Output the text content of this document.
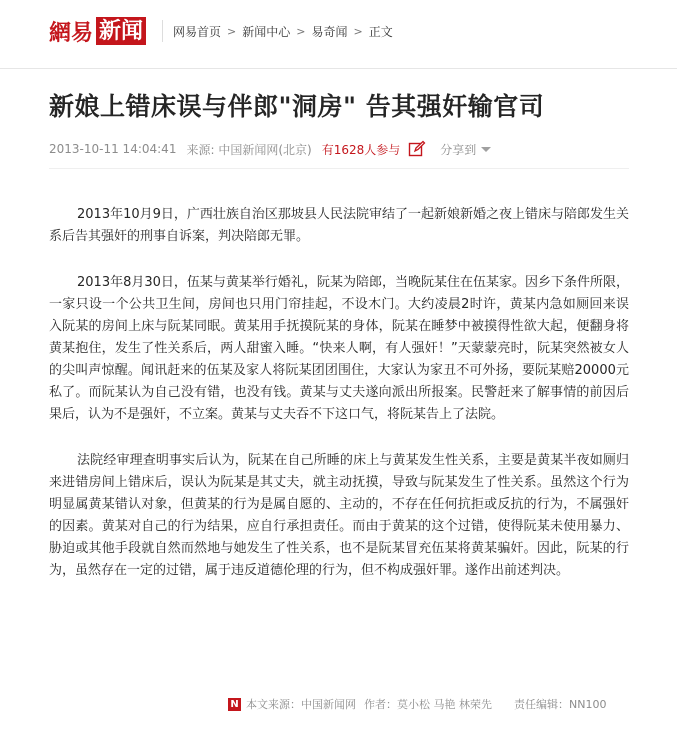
網易 新闻 网易首页 > 新闻中心 > 易奇闻 > 正文
新娘上错床误与伴郎"洞房" 告其强奸输官司
2013-10-11 14:04:41 来源: 中国新闻网(北京) 有1628人参与	分享到

2013年10月9日，广西壮族自治区那坡县人民法院审结了一起新娘新婚之夜上错床与陪郎发生关系后告其强奸的刑事自诉案，判决陪郎无罪。

2013年8月30日，伍某与黄某举行婚礼，阮某为陪郎，当晚阮某住在伍某家。因乡下条件所限，一家只设一个公共卫生间，房间也只用门帘挂起，不设木门。大约凌晨2时许，黄某内急如厕回来误入阮某的房间上床与阮某同眠。黄某用手抚摸阮某的身体，阮某在睡梦中被摸得性欲大起，便翻身将黄某抱住，发生了性关系后，两人甜蜜入睡。“快来人啊，有人强奸！”天蒙蒙亮时，阮某突然被女人的尖叫声惊醒。闻讯赶来的伍某及家人将阮某团团围住，大家认为家丑不可外扬，要阮某赔20000元私了。而阮某认为自己没有错，也没有钱。黄某与丈夫遂向派出所报案。民警赶来了解事情的前因后果后，认为不是强奸，不立案。黄某与丈夫吞不下这口气，将阮某告上了法院。

法院经审理查明事实后认为，阮某在自己所睡的床上与黄某发生性关系，主要是黄某半夜如厕归来进错房间上错床后，误认为阮某是其丈夫，就主动抚摸，导致与阮某发生了性关系。虽然这个行为明显属黄某错认对象，但黄某的行为是属自愿的、主动的，不存在任何抗拒或反抗的行为，不属强奸的因素。黄某对自己的行为结果，应自行承担责任。而由于黄某的这个过错，使得阮某未使用暴力、胁迫或其他手段就自然而然地与她发生了性关系，也不是阮某冒充伍某将黄某骗奸。因此，阮某的行为，虽然存在一定的过错，属于违反道德伦理的行为，但不构成强奸罪。遂作出前述判决。

N 本文来源： 中国新闻网 作者： 莫小松 马艳 林荣先 责任编辑： NN100
